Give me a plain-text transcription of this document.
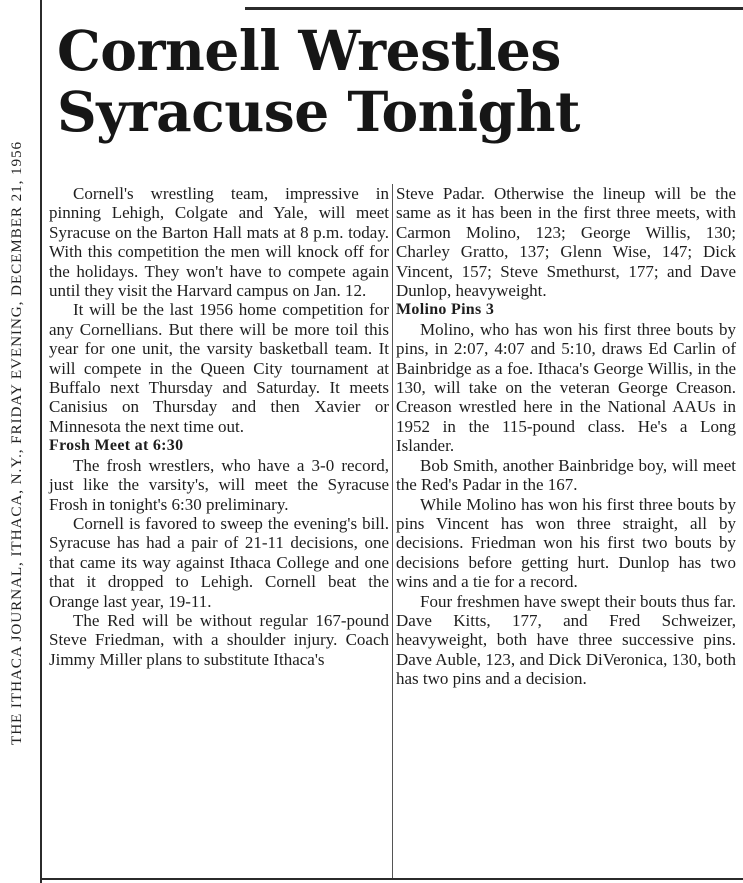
THE ITHACA JOURNAL, ITHACA, N.Y., FRIDAY EVENING, DECEMBER 21, 1956
Cornell Wrestles
Syracuse Tonight

Cornell's wrestling team, impressive in pinning Lehigh, Colgate and Yale, will meet Syracuse on the Barton Hall mats at 8 p.m. today. With this competition the men will knock off for the holidays. They won't have to compete again until they visit the Harvard campus on Jan. 12.

It will be the last 1956 home competition for any Cornellians. But there will be more toil this year for one unit, the varsity basketball team. It will compete in the Queen City tournament at Buffalo next Thursday and Saturday. It meets Canisius on Thursday and then Xavier or Minnesota the next time out.

Frosh Meet at 6:30

The frosh wrestlers, who have a 3-0 record, just like the varsity's, will meet the Syracuse Frosh in tonight's 6:30 preliminary.

Cornell is favored to sweep the evening's bill. Syracuse has had a pair of 21-11 decisions, one that came its way against Ithaca College and one that it dropped to Lehigh. Cornell beat the Orange last year, 19-11.

The Red will be without regular 167-pound Steve Friedman, with a shoulder injury. Coach Jimmy Miller plans to substitute Ithaca's

Steve Padar. Otherwise the lineup will be the same as it has been in the first three meets, with Carmon Molino, 123; George Willis, 130; Charley Gratto, 137; Glenn Wise, 147; Dick Vincent, 157; Steve Smethurst, 177; and Dave Dunlop, heavyweight.

Molino Pins 3

Molino, who has won his first three bouts by pins, in 2:07, 4:07 and 5:10, draws Ed Carlin of Bainbridge as a foe. Ithaca's George Willis, in the 130, will take on the veteran George Creason. Creason wrestled here in the National AAUs in 1952 in the 115-pound class. He's a Long Islander.

Bob Smith, another Bainbridge boy, will meet the Red's Padar in the 167.

While Molino has won his first three bouts by pins Vincent has won three straight, all by decisions. Friedman won his first two bouts by decisions before getting hurt. Dunlop has two wins and a tie for a record.

Four freshmen have swept their bouts thus far. Dave Kitts, 177, and Fred Schweizer, heavyweight, both have three successive pins. Dave Auble, 123, and Dick DiVeronica, 130, both has two pins and a decision.
